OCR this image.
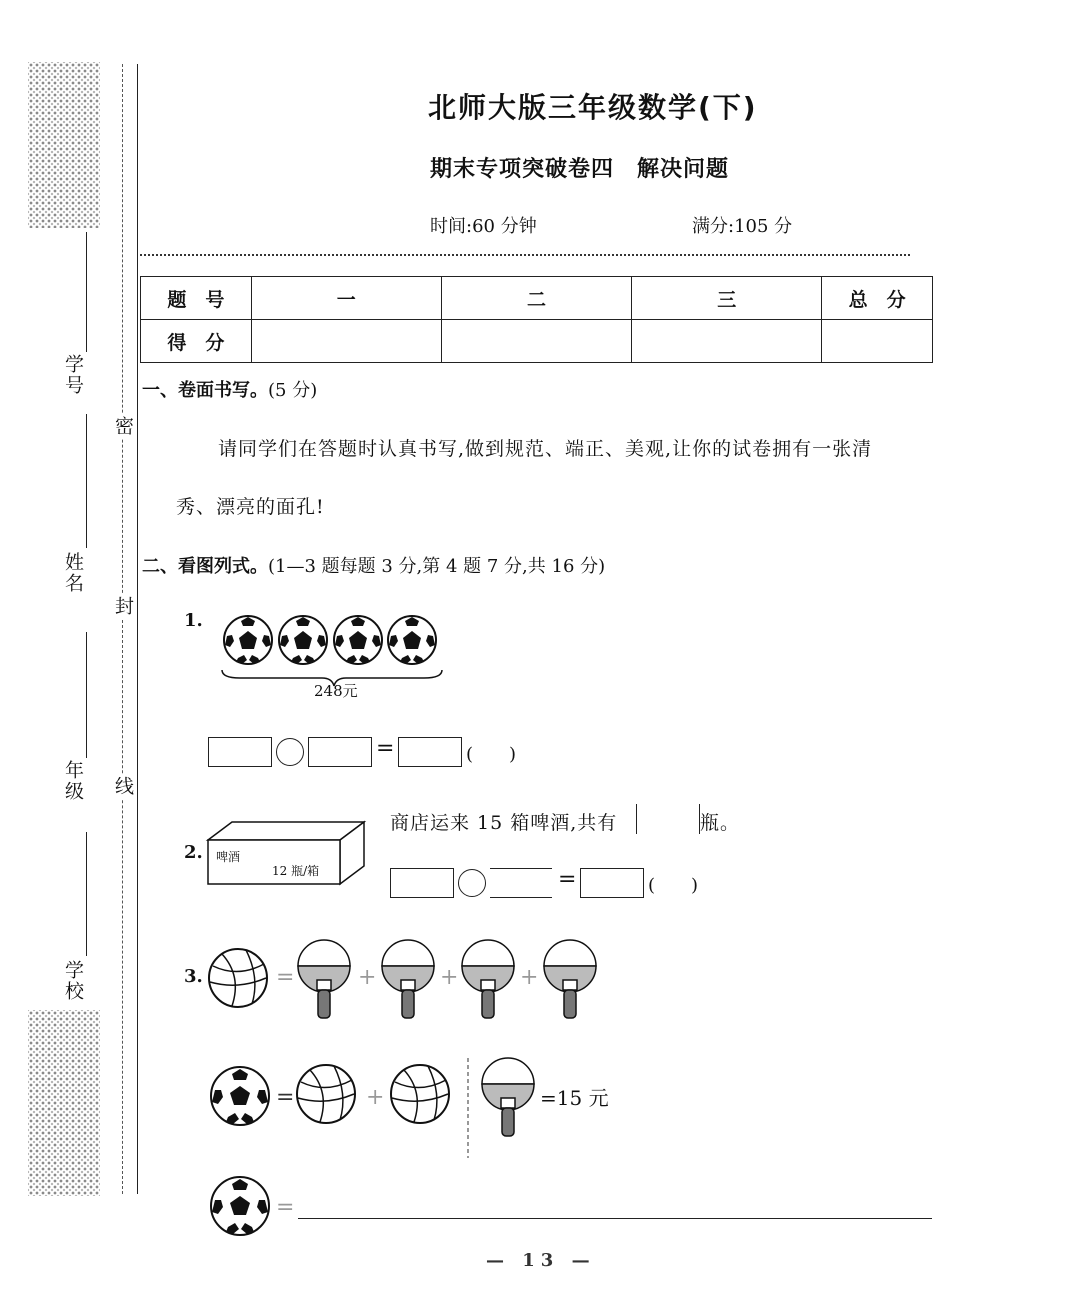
学号
姓名
年级
学校
密
封
线
北师大版三年级数学(下)
期末专项突破卷四　解决问题
时间:60 分钟	满分:105 分
题　号	一	二	三	总　分
得　分				
一、卷面书写。(5 分)
请同学们在答题时认真书写,做到规范、端正、美观,让你的试卷拥有一张清
秀、漂亮的面孔!
二、看图列式。(1—3 题每题 3 分,第 4 题 7 分,共 16 分)
1.
248元
=	(　　)
2. 啤酒
12 瓶/箱
商店运来 15 箱啤酒,共有	瓶。
=	(　　)
3.	=	+	+	+
=	+	=15 元
=
— 13 —
